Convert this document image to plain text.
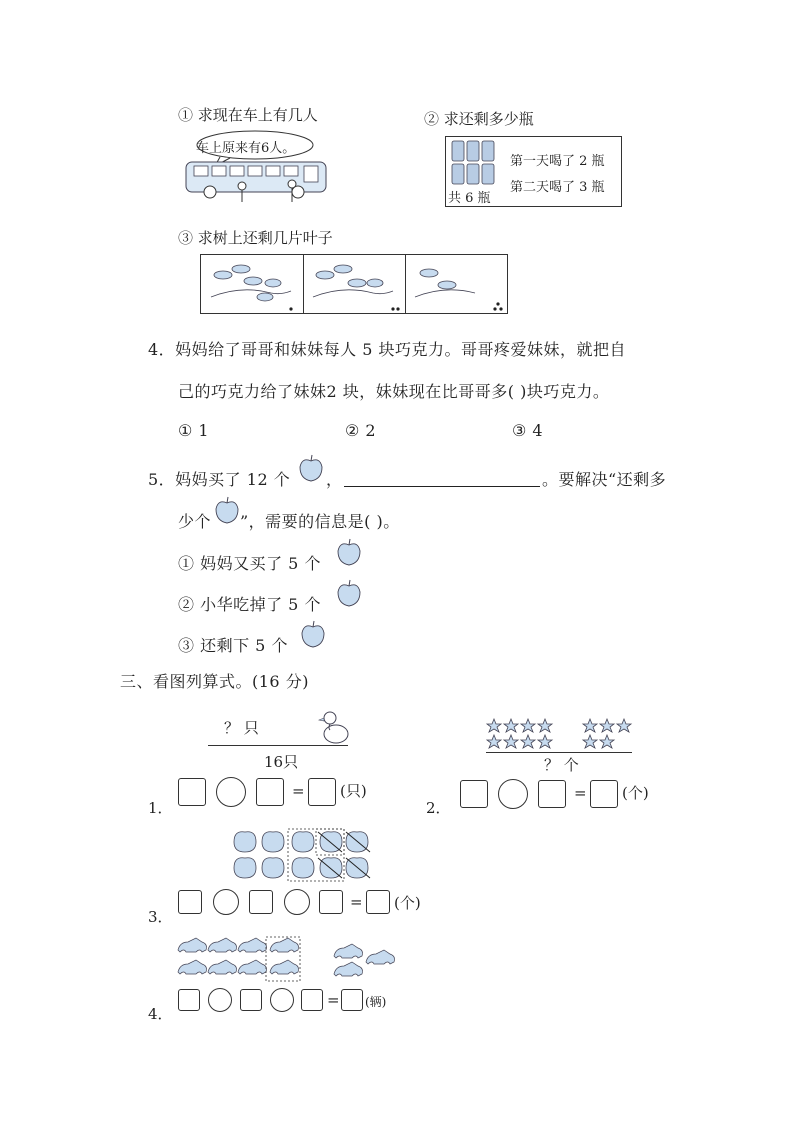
① 求现在车上有几人
车上原来有6人。
② 求还剩多少瓶
共 6 瓶
第一天喝了 2 瓶
第二天喝了 3 瓶
③ 求树上还剩几片叶子
4．妈妈给了哥哥和妹妹每人 5 块巧克力。哥哥疼爱妹妹，就把自
己的巧克力给了妹妹2 块，妹妹现在比哥哥多( )块巧克力。
① 1	② 2	③ 4
5．妈妈买了 12 个 ，	。要解决“还剩多
少个 ”，需要的信息是( )。
① 妈妈又买了 5 个
② 小华吃掉了 5 个
③ 还剩下 5 个
三、看图列算式。(16 分)
？ 只
16只
1．
= (只)
？ 个
2．
= (个)
3．
= (个)
4．
= (辆)
